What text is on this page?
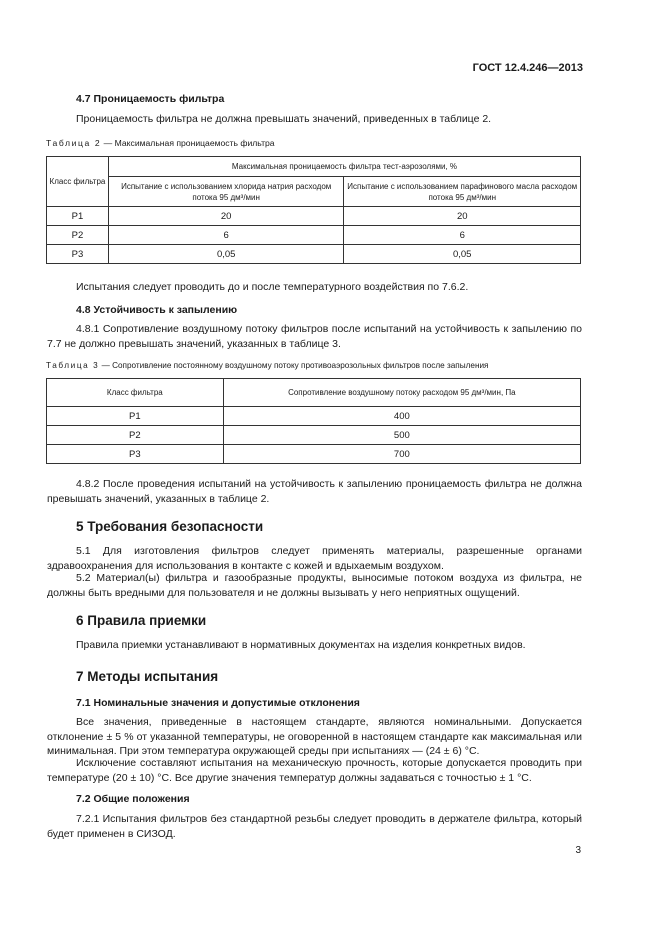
ГОСТ 12.4.246—2013
4.7 Проницаемость фильтра
Проницаемость фильтра не должна превышать значений, приведенных в таблице 2.
Таблица 2 — Максимальная проницаемость фильтра
Класс фильтра	Максимальная проницаемость фильтра тест-аэрозолями, %	
	Испытание с использованием хлорида натрия расходом потока 95 дм³/мин	Испытание с использованием парафинового масла расходом потока 95 дм³/мин
Р1	20	20
Р2	6	6
Р3	0,05	0,05
Испытания следует проводить до и после температурного воздействия по 7.6.2.
4.8 Устойчивость к запылению
4.8.1 Сопротивление воздушному потоку фильтров после испытаний на устойчивость к запылению по 7.7 не должно превышать значений, указанных в таблице 3.
Таблица 3 — Сопротивление постоянному воздушному потоку противоаэрозольных фильтров после запыления
Класс фильтра	Сопротивление воздушному потоку расходом 95 дм³/мин, Па
Р1	400
Р2	500
Р3	700
4.8.2 После проведения испытаний на устойчивость к запылению проницаемость фильтра не должна превышать значений, указанных в таблице 2.
5 Требования безопасности
5.1 Для изготовления фильтров следует применять материалы, разрешенные органами здравоохранения для использования в контакте с кожей и вдыхаемым воздухом.
5.2 Материал(ы) фильтра и газообразные продукты, выносимые потоком воздуха из фильтра, не должны быть вредными для пользователя и не должны вызывать у него неприятных ощущений.
6 Правила приемки
Правила приемки устанавливают в нормативных документах на изделия конкретных видов.
7 Методы испытания
7.1 Номинальные значения и допустимые отклонения
Все значения, приведенные в настоящем стандарте, являются номинальными. Допускается отклонение ± 5 % от указанной температуры, не оговоренной в настоящем стандарте как максимальная или минимальная. При этом температура окружающей среды при испытаниях — (24 ± 6) °С.
Исключение составляют испытания на механическую прочность, которые допускается проводить при температуре (20 ± 10) °С. Все другие значения температур должны задаваться с точностью ± 1 °С.
7.2 Общие положения
7.2.1 Испытания фильтров без стандартной резьбы следует проводить в держателе фильтра, который будет применен в СИЗОД.
3
